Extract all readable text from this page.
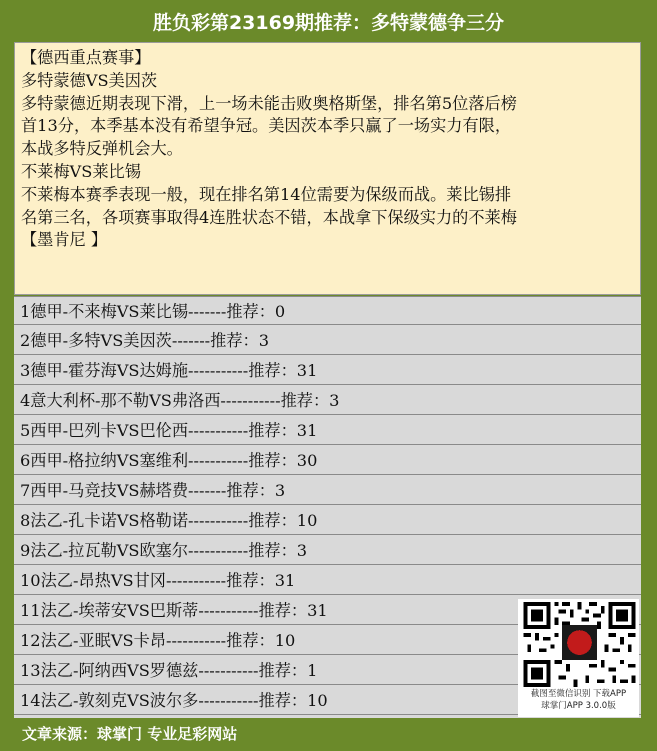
胜负彩第23169期推荐：多特蒙德争三分

【德西重点赛事】

多特蒙德VS美因茨

多特蒙德近期表现下滑，上一场未能击败奥格斯堡，排名第5位落后榜

首13分，本季基本没有希望争冠。美因茨本季只赢了一场实力有限，

本战多特反弹机会大。

不莱梅VS莱比锡

不莱梅本赛季表现一般，现在排名第14位需要为保级而战。莱比锡排

名第三名，各项赛事取得4连胜状态不错，本战拿下保级实力的不莱梅

【墨肯尼 】

1德甲-不来梅VS莱比锡-------推荐：0
2德甲-多特VS美因茨-------推荐：3
3德甲-霍芬海VS达姆施-----------推荐：31
4意大利杯-那不勒VS弗洛西-----------推荐：3
5西甲-巴列卡VS巴伦西-----------推荐：31
6西甲-格拉纳VS塞维利-----------推荐：30
7西甲-马竞技VS赫塔费-------推荐：3
8法乙-孔卡诺VS格勒诺-----------推荐：10
9法乙-拉瓦勒VS欧塞尔-----------推荐：3
10法乙-昂热VS甘冈-----------推荐：31
11法乙-埃蒂安VS巴斯蒂-----------推荐：31
12法乙-亚眠VS卡昂-----------推荐：10
13法乙-阿纳西VS罗德兹-----------推荐：1
14法乙-敦刻克VS波尔多-----------推荐：10	截图至微信识别 下载APP
球掌门APP 3.0.0版
文章来源：球掌门 专业足彩网站
